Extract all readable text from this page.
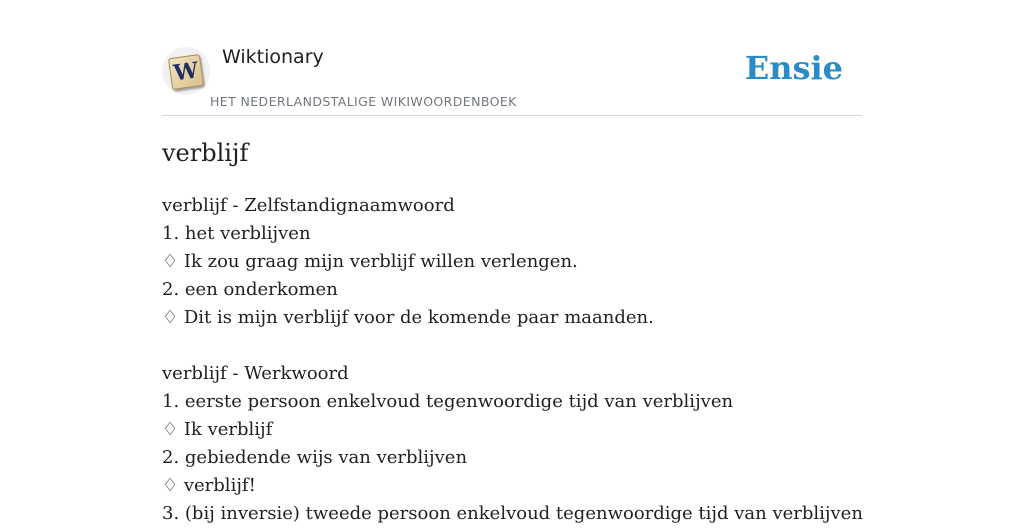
W
Wiktionary
HET NEDERLANDSTALIGE WIKIWOORDENBOEK
Ensie
verblijf
verblijf - Zelfstandignaamwoord
1. het verblijven
♢ Ik zou graag mijn verblijf willen verlengen.
2. een onderkomen
♢ Dit is mijn verblijf voor de komende paar maanden.
verblijf - Werkwoord
1. eerste persoon enkelvoud tegenwoordige tijd van verblijven
♢ Ik verblijf
2. gebiedende wijs van verblijven
♢ verblijf!
3. (bij inversie) tweede persoon enkelvoud tegenwoordige tijd van verblijven
